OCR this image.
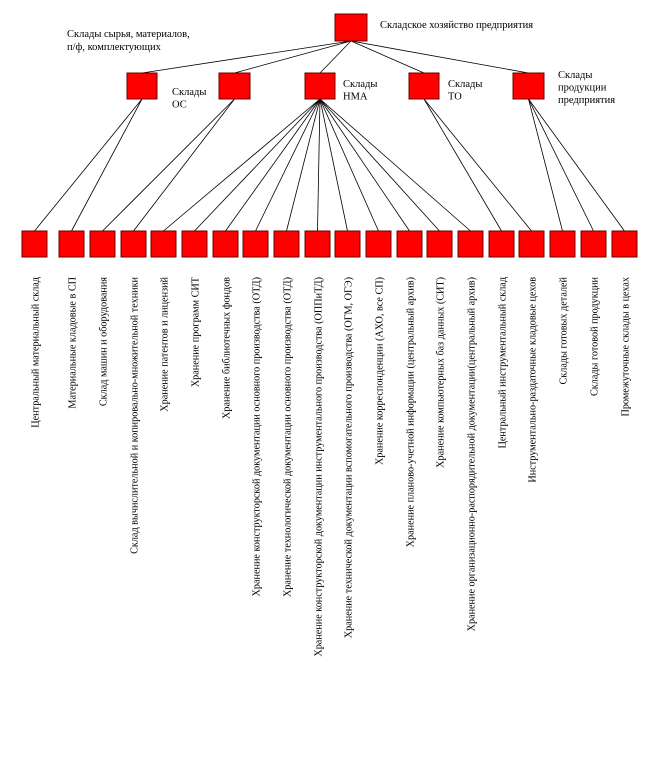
Складское хозяйство предприятия
Склады сырья, материалов,
п/ф, комплектующих
Склады
ОС
Склады
НМА
Склады
ТО
Склады
продукции
предприятия
Центральный материальный склад	Материальные кладовые в СП Склад машин и оборудования Склад вычислительной и копировально-множительной техники Хранение патентов и лицензий Хранение программ СИТ Хранение библиотечных фондов Хранение конструкторской документации основного производства (ОТД) Хранение технологической документации основного производства (ОТД) Хранение конструкторской документации инструментального производства (ОППиТД) Хранение технической документации вспомогательного производства (ОГМ, ОГЭ) Хранение корреспонденции (АХО, все СП) Хранение планово-учетной информации (центральный архив) Хранение компьютерных баз данных (СИТ) Хранение организационно-распорядительной документации(центральный архив) Центральный инструментальный склад Инструментально-раздаточные кладовые цехов Склады готовых деталей Склады готовой продукции Промежуточные склады в цехах
